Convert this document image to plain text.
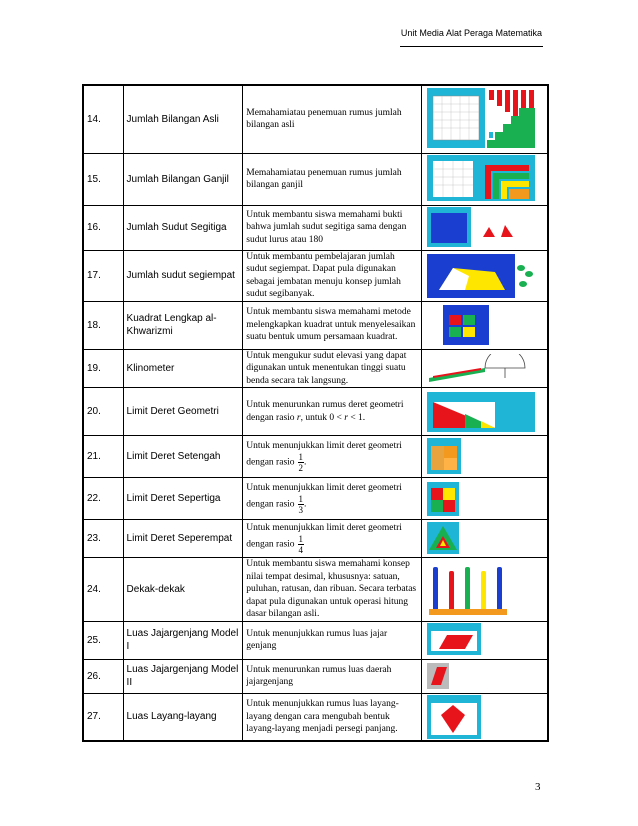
Unit Media Alat Peraga Matematika
14.	Jumlah Bilangan Asli	Memahamiatau penemuan rumus jumlah bilangan asli	

15.	Jumlah Bilangan Ganjil	Memahamiatau penemuan rumus jumlah bilangan ganjil	

16.	Jumlah Sudut Segitiga	Untuk membantu siswa memahami bukti bahwa jumlah sudut segitiga sama dengan sudut lurus atau 180	

17.	Jumlah sudut segiempat	Untuk membantu pembelajaran jumlah sudut segiempat. Dapat pula digunakan sebagai jembatan menuju konsep jumlah sudut segibanyak.	

18.	Kuadrat Lengkap al-Khwarizmi	Untuk membantu siswa memahami metode melengkapkan kuadrat untuk menyelesaikan suatu bentuk umum persamaan kuadrat.	

19.	Klinometer	Untuk mengukur sudut elevasi yang dapat digunakan untuk menentukan tinggi suatu benda secara tak langsung.	

20.	Limit Deret Geometri	Untuk menurunkan rumus deret geometri dengan rasio r, untuk 0 < r < 1.	

21.	Limit Deret Setengah	Untuk menunjukkan limit deret geometri dengan rasio $\frac{1}{2}$ .	

22.	Limit Deret Sepertiga	Untuk menunjukkan limit deret geometri dengan rasio $\frac{1}{3}$ .	

23.	Limit Deret Seperempat	Untuk menunjukkan limit deret geometri dengan rasio $\frac{1}{4}$

24.	Dekak-dekak	Untuk membantu siswa memahami konsep nilai tempat desimal, khususnya: satuan, puluhan, ratusan, dan ribuan. Secara terbatas dapat pula digunakan untuk operasi hitung dasar bilangan asli.	

25.	Luas Jajargenjang Model I	Untuk menunjukkan rumus luas jajar genjang	

26.	Luas Jajargenjang Model II	Untuk menurunkan rumus luas daerah jajargenjang	

27.	Luas Layang-layang	Untuk menunjukkan rumus luas layang-layang dengan cara mengubah bentuk layang-layang menjadi persegi panjang.	
3
